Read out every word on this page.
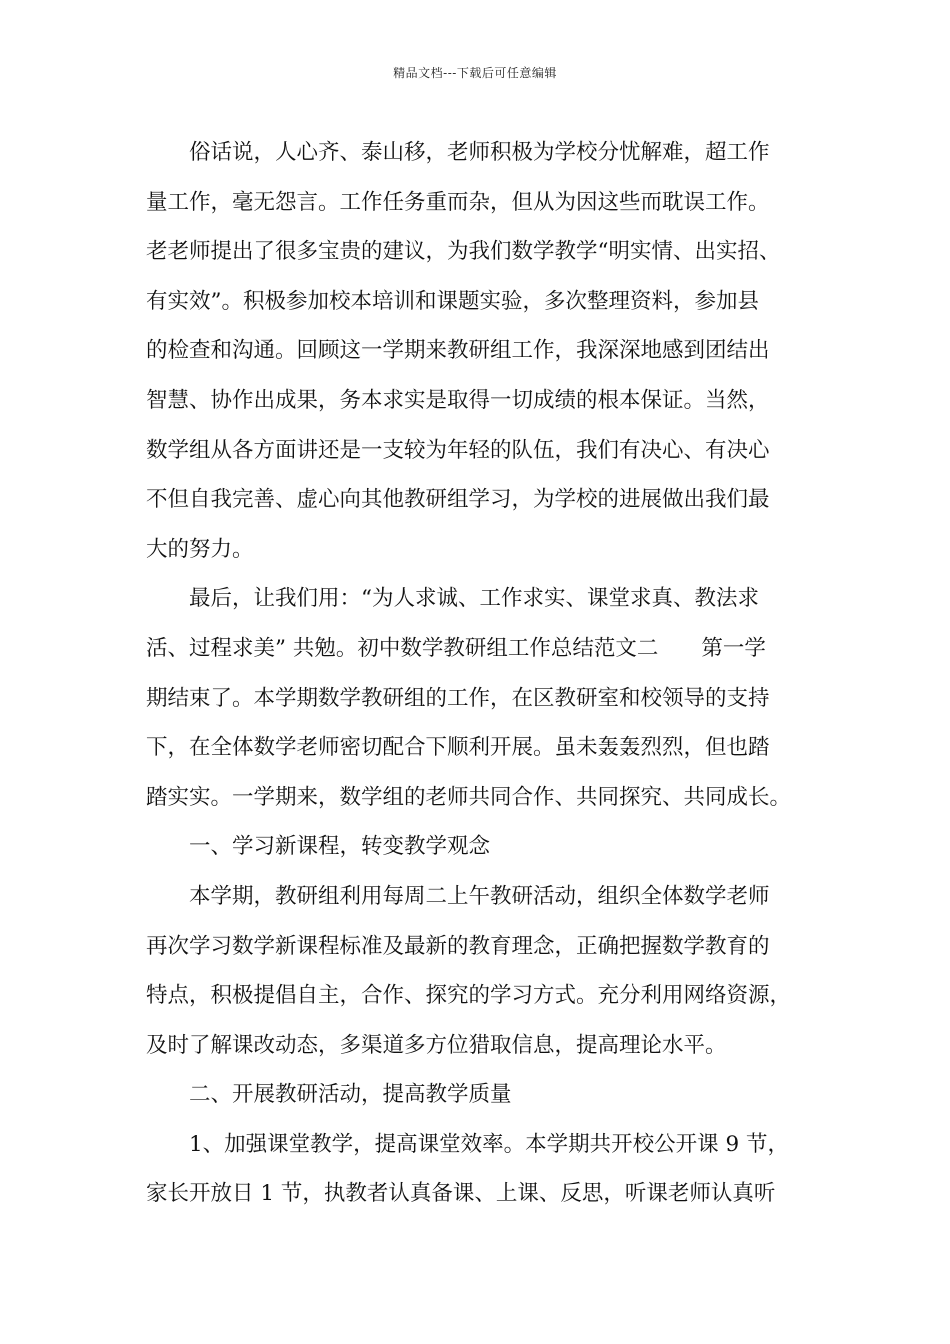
精品文档---下载后可任意编辑
俗话说，人心齐、泰山移，老师积极为学校分忧解难，超工作
量工作，毫无怨言。工作任务重而杂，但从为因这些而耽误工作。
老老师提出了很多宝贵的建议，为我们数学教学“明实情、出实招、
有实效”。积极参加校本培训和课题实验，多次整理资料，参加县
的检查和沟通。回顾这一学期来教研组工作，我深深地感到团结出
智慧、协作出成果，务本求实是取得一切成绩的根本保证。当然，
数学组从各方面讲还是一支较为年轻的队伍，我们有决心、有决心
不但自我完善、虚心向其他教研组学习，为学校的进展做出我们最
大的努力。
最后，让我们用：“为人求诚、工作求实、课堂求真、教法求
活、过程求美” 共勉。初中数学教研组工作总结范文二　　第一学
期结束了。本学期数学教研组的工作，在区教研室和校领导的支持
下，在全体数学老师密切配合下顺利开展。虽未轰轰烈烈，但也踏
踏实实。一学期来，数学组的老师共同合作、共同探究、共同成长。
一、学习新课程，转变教学观念
本学期，教研组利用每周二上午教研活动，组织全体数学老师
再次学习数学新课程标准及最新的教育理念，正确把握数学教育的
特点，积极提倡自主，合作、探究的学习方式。充分利用网络资源，
及时了解课改动态，多渠道多方位猎取信息，提高理论水平。
二、开展教研活动，提高教学质量
1、加强课堂教学，提高课堂效率。本学期共开校公开课 9 节，
家长开放日 1 节，执教者认真备课、上课、反思，听课老师认真听
